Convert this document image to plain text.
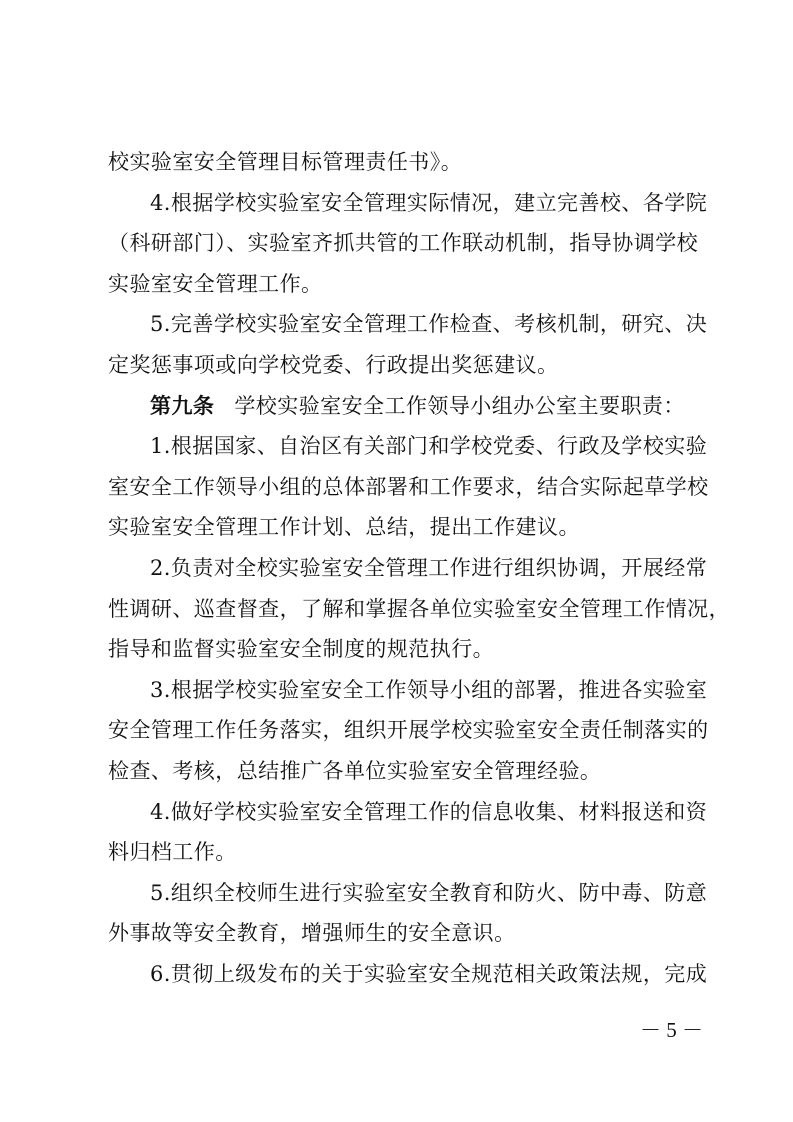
校实验室安全管理目标管理责任书》。
4.根据学校实验室安全管理实际情况，建立完善校、各学院
（科研部门）、实验室齐抓共管的工作联动机制，指导协调学校
实验室安全管理工作。
5.完善学校实验室安全管理工作检查、考核机制，研究、决
定奖惩事项或向学校党委、行政提出奖惩建议。
第九条 学校实验室安全工作领导小组办公室主要职责：
1.根据国家、自治区有关部门和学校党委、行政及学校实验
室安全工作领导小组的总体部署和工作要求，结合实际起草学校
实验室安全管理工作计划、总结，提出工作建议。
2.负责对全校实验室安全管理工作进行组织协调，开展经常
性调研、巡查督查，了解和掌握各单位实验室安全管理工作情况，
指导和监督实验室安全制度的规范执行。
3.根据学校实验室安全工作领导小组的部署，推进各实验室
安全管理工作任务落实，组织开展学校实验室安全责任制落实的
检查、考核，总结推广各单位实验室安全管理经验。
4.做好学校实验室安全管理工作的信息收集、材料报送和资
料归档工作。
5.组织全校师生进行实验室安全教育和防火、防中毒、防意
外事故等安全教育，增强师生的安全意识。
6.贯彻上级发布的关于实验室安全规范相关政策法规，完成
－ 5 －
